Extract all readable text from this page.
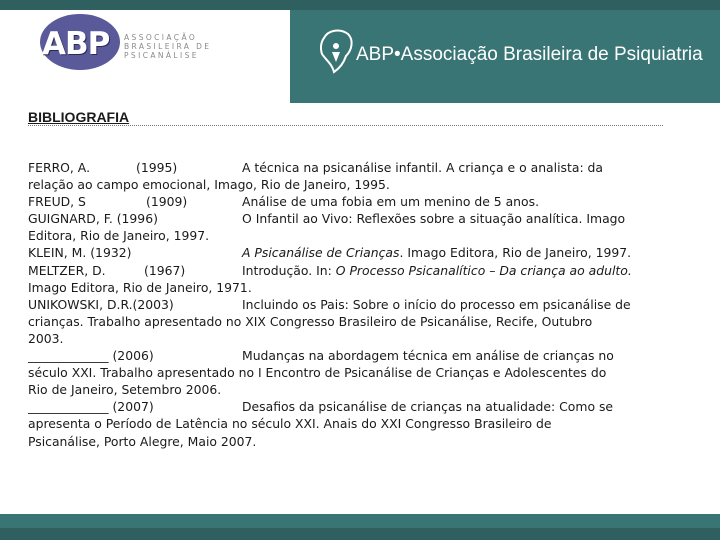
ABP ASSOCIAÇÃO
BRASILEIRA DE
PSICANÁLISE	ABP•Associação Brasileira de Psiquiatria
BIBLIOGRAFIA
FERRO, A.	(1995)	A técnica na psicanálise infantil. A criança e o analista: da
relação ao campo emocional, Imago, Rio de Janeiro, 1995.
FREUD, S	(1909)	Análise de uma fobia em um menino de 5 anos.
GUIGNARD, F. (1996)	O Infantil ao Vivo: Reflexões sobre a situação analítica. Imago
Editora, Rio de Janeiro, 1997.
KLEIN, M. (1932)	A Psicanálise de Crianças. Imago Editora, Rio de Janeiro, 1997.
MELTZER, D.	(1967)	Introdução. In: O Processo Psicanalítico – Da criança ao adulto.
Imago Editora, Rio de Janeiro, 1971.
UNIKOWSKI, D.R.(2003)	Incluindo os Pais: Sobre o início do processo em psicanálise de
crianças. Trabalho apresentado no XIX Congresso Brasileiro de Psicanálise, Recife, Outubro
2003.
_____________ (2006)	Mudanças na abordagem técnica em análise de crianças no
século XXI. Trabalho apresentado no I Encontro de Psicanálise de Crianças e Adolescentes do
Rio de Janeiro, Setembro 2006.
_____________ (2007)	Desafios da psicanálise de crianças na atualidade: Como se
apresenta o Período de Latência no século XXI. Anais do XXI Congresso Brasileiro de
Psicanálise, Porto Alegre, Maio 2007.
